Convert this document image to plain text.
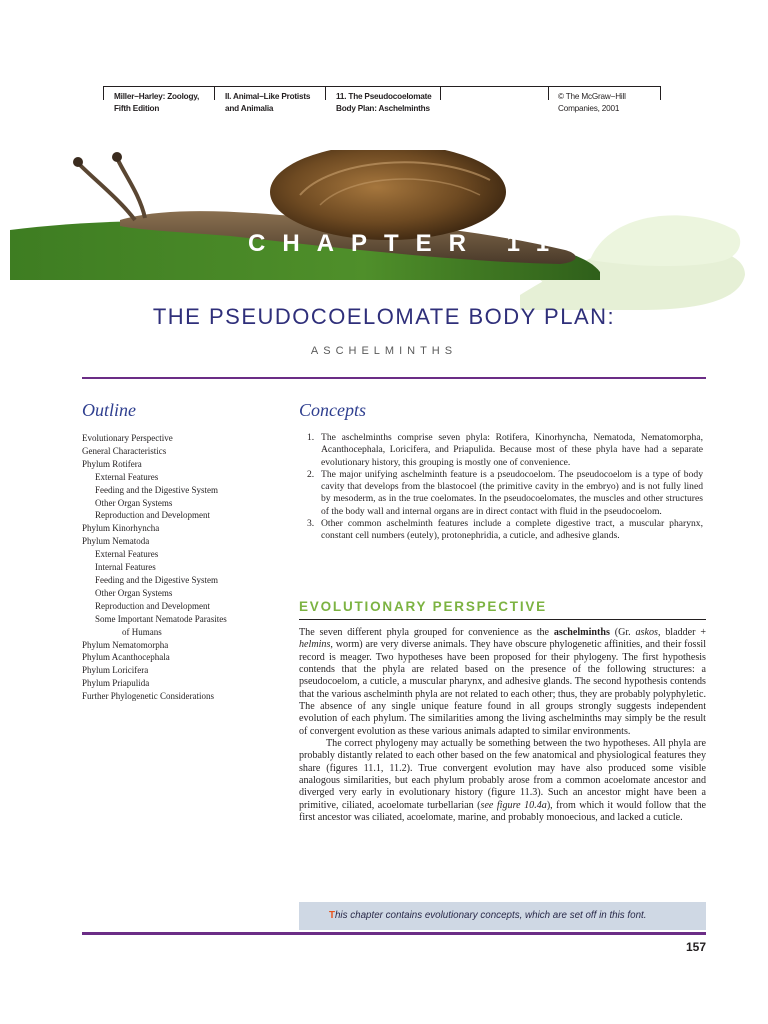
Miller−Harley: Zoology,
Fifth Edition
II. Animal−Like Protists
and Animalia
11. The Pseudocoelomate
Body Plan: Aschelminths
© The McGraw−Hill
Companies, 2001
CHAPTER 11
THE PSEUDOCOELOMATE BODY PLAN:
ASCHELMINTHS
Outline
Evolutionary Perspective
General Characteristics
Phylum Rotifera
External Features
Feeding and the Digestive System
Other Organ Systems
Reproduction and Development
Phylum Kinorhyncha
Phylum Nematoda
External Features
Internal Features
Feeding and the Digestive System
Other Organ Systems
Reproduction and Development
Some Important Nematode Parasites
of Humans
Phylum Nematomorpha
Phylum Acanthocephala
Phylum Loricifera
Phylum Priapulida
Further Phylogenetic Considerations
Concepts
1. The aschelminths comprise seven phyla: Rotifera, Kinorhyncha, Nematoda, Nematomorpha, Acanthocephala, Loricifera, and Priapulida. Because most of these phyla have had a separate evolutionary history, this grouping is mostly one of convenience.
2. The major unifying aschelminth feature is a pseudocoelom. The pseudocoelom is a type of body cavity that develops from the blastocoel (the primitive cavity in the embryo) and is not fully lined by mesoderm, as in the true coelomates. In the pseudocoelomates, the muscles and other structures of the body wall and internal organs are in direct contact with fluid in the pseudocoelom.
3. Other common aschelminth features include a complete digestive tract, a muscular pharynx, constant cell numbers (eutely), protonephridia, a cuticle, and adhesive glands.
EVOLUTIONARY PERSPECTIVE

The seven different phyla grouped for convenience as the aschelminths (Gr. askos, bladder + helmins, worm) are very diverse animals. They have obscure phylogenetic affinities, and their fossil record is meager. Two hypotheses have been proposed for their phylogeny. The first hypothesis contends that the phyla are related based on the presence of the following structures: a pseudocoelom, a cuticle, a muscular pharynx, and adhesive glands. The second hypothesis contends that the various aschelminth phyla are not related to each other; thus, they are probably polyphyletic. The absence of any single unique feature found in all groups strongly suggests independent evolution of each phylum. The similarities among the living aschelminths may simply be the result of convergent evolution as these various animals adapted to similar environments.

The correct phylogeny may actually be something between the two hypotheses. All phyla are probably distantly related to each other based on the few anatomical and physiological features they share (figures 11.1, 11.2). True convergent evolution may have also produced some visible analogous similarities, but each phylum probably arose from a common acoelomate ancestor and diverged very early in evolutionary history (figure 11.3). Such an ancestor might have been a primitive, ciliated, acoelomate turbellarian (see figure 10.4a), from which it would follow that the first ancestor was ciliated, acoelomate, marine, and probably monoecious, and lacked a cuticle.

This chapter contains evolutionary concepts, which are set off in this font.
157
